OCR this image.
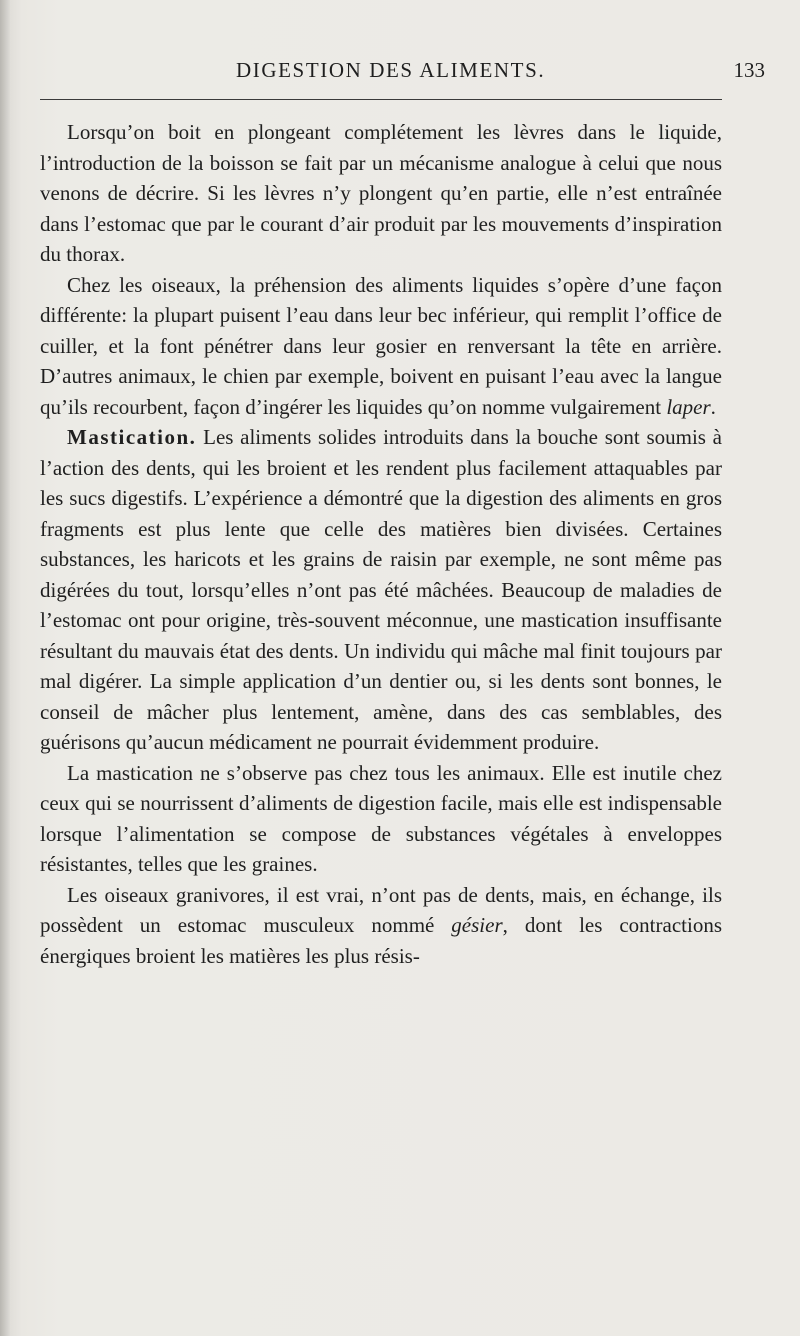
DIGESTION DES ALIMENTS.	133

Lorsqu’on boit en plongeant complétement les lèvres dans le liquide, l’introduction de la boisson se fait par un mécanisme analogue à celui que nous venons de décrire. Si les lèvres n’y plongent qu’en partie, elle n’est entraînée dans l’estomac que par le courant d’air produit par les mouvements d’inspiration du thorax.

Chez les oiseaux, la préhension des aliments liquides s’opère d’une façon différente: la plupart puisent l’eau dans leur bec inférieur, qui remplit l’office de cuiller, et la font pénétrer dans leur gosier en renversant la tête en arrière. D’autres animaux, le chien par exemple, boivent en puisant l’eau avec la langue qu’ils recourbent, façon d’ingérer les liquides qu’on nomme vulgairement laper.

Mastication. Les aliments solides introduits dans la bouche sont soumis à l’action des dents, qui les broient et les rendent plus facilement attaquables par les sucs digestifs. L’expérience a démontré que la digestion des aliments en gros fragments est plus lente que celle des matières bien divisées. Certaines substances, les haricots et les grains de raisin par exemple, ne sont même pas digérées du tout, lorsqu’elles n’ont pas été mâchées. Beaucoup de maladies de l’estomac ont pour origine, très-souvent méconnue, une mastication insuffisante résultant du mauvais état des dents. Un individu qui mâche mal finit toujours par mal digérer. La simple application d’un dentier ou, si les dents sont bonnes, le conseil de mâcher plus lentement, amène, dans des cas semblables, des guérisons qu’aucun médicament ne pourrait évidemment produire.

La mastication ne s’observe pas chez tous les animaux. Elle est inutile chez ceux qui se nourrissent d’aliments de digestion facile, mais elle est indispensable lorsque l’alimentation se compose de substances végétales à enveloppes résistantes, telles que les graines.

Les oiseaux granivores, il est vrai, n’ont pas de dents, mais, en échange, ils possèdent un estomac musculeux nommé gésier, dont les contractions énergiques broient les matières les plus résis-
